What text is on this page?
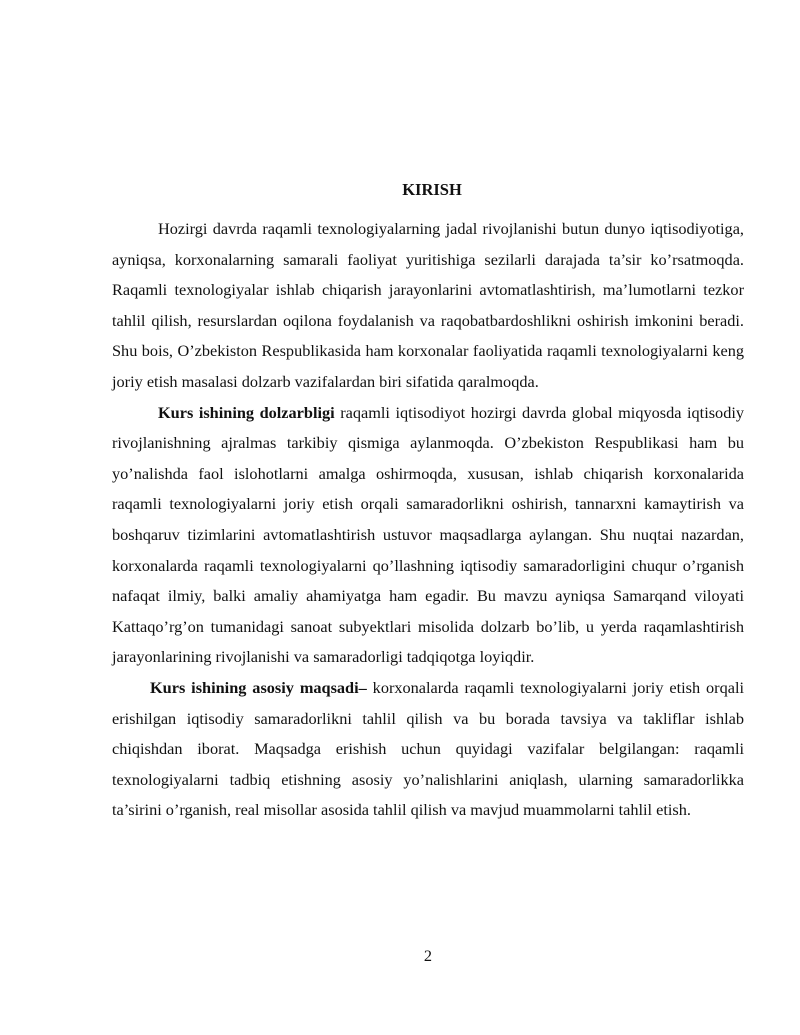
KIRISH

Hozirgi davrda raqamli texnologiyalarning jadal rivojlanishi butun dunyo iqtisodiyotiga, ayniqsa, korxonalarning samarali faoliyat yuritishiga sezilarli darajada ta’sir ko’rsatmoqda. Raqamli texnologiyalar ishlab chiqarish jarayonlarini avtomatlashtirish, ma’lumotlarni tezkor tahlil qilish, resurslardan oqilona foydalanish va raqobatbardoshlikni oshirish imkonini beradi. Shu bois, O’zbekiston Respublikasida ham korxonalar faoliyatida raqamli texnologiyalarni keng joriy etish masalasi dolzarb vazifalardan biri sifatida qaralmoqda.

Kurs ishining dolzarbligi raqamli iqtisodiyot hozirgi davrda global miqyosda iqtisodiy rivojlanishning ajralmas tarkibiy qismiga aylanmoqda. O’zbekiston Respublikasi ham bu yo’nalishda faol islohotlarni amalga oshirmoqda, xususan, ishlab chiqarish korxonalarida raqamli texnologiyalarni joriy etish orqali samaradorlikni oshirish, tannarxni kamaytirish va boshqaruv tizimlarini avtomatlashtirish ustuvor maqsadlarga aylangan. Shu nuqtai nazardan, korxonalarda raqamli texnologiyalarni qo’llashning iqtisodiy samaradorligini chuqur o’rganish nafaqat ilmiy, balki amaliy ahamiyatga ham egadir. Bu mavzu ayniqsa Samarqand viloyati Kattaqo’rg’on tumanidagi sanoat subyektlari misolida dolzarb bo’lib, u yerda raqamlashtirish jarayonlarining rivojlanishi va samaradorligi tadqiqotga loyiqdir.

Kurs ishining asosiy maqsadi– korxonalarda raqamli texnologiyalarni joriy etish orqali erishilgan iqtisodiy samaradorlikni tahlil qilish va bu borada tavsiya va takliflar ishlab chiqishdan iborat. Maqsadga erishish uchun quyidagi vazifalar belgilangan: raqamli texnologiyalarni tadbiq etishning asosiy yo’nalishlarini aniqlash, ularning samaradorlikka ta’sirini o’rganish, real misollar asosida tahlil qilish va mavjud muammolarni tahlil etish.

2
